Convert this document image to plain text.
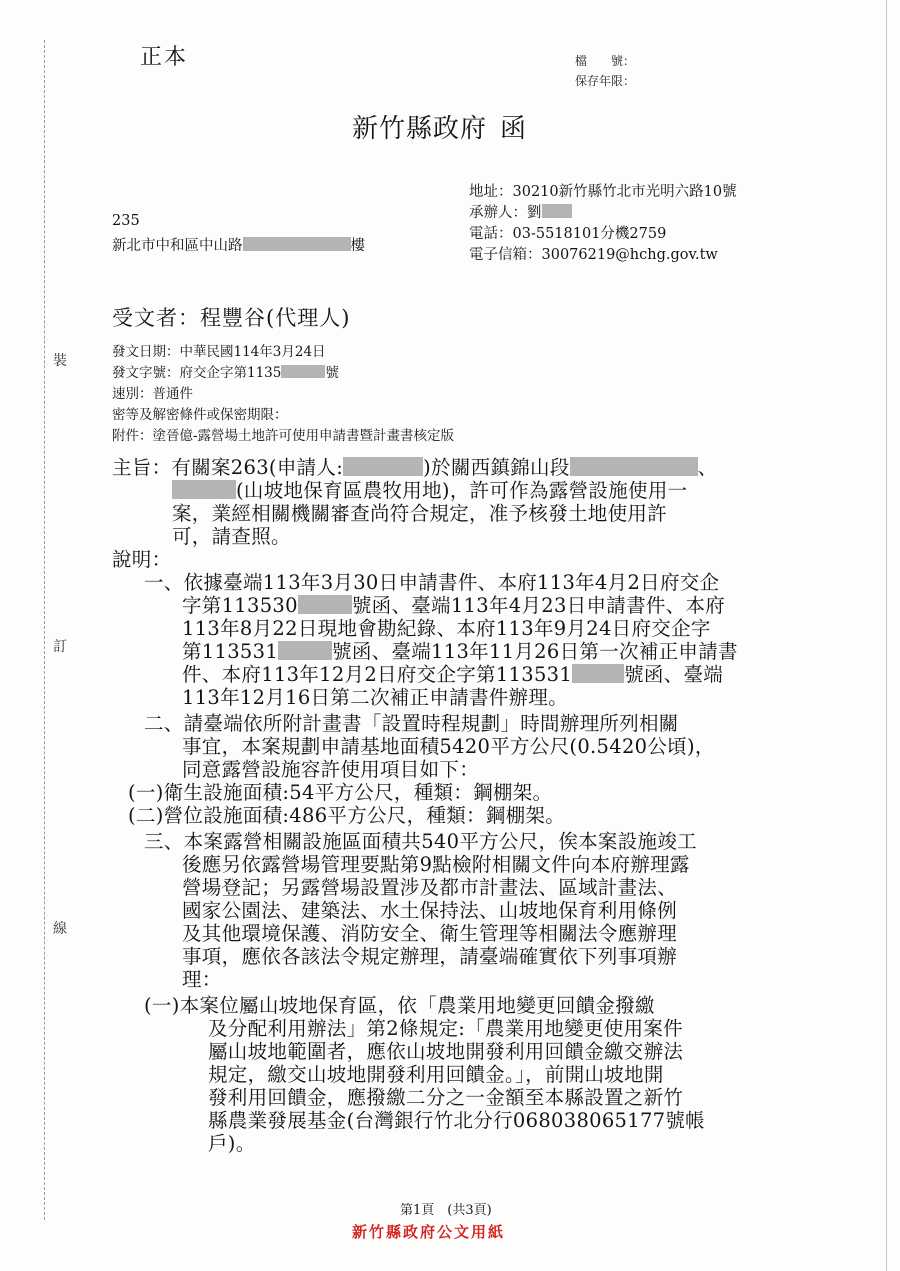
裝
訂
線
正本	檔　　號：
保存年限：
新竹縣政府 函
地址：30210新竹縣竹北市光明六路10號
承辦人：劉
電話：03-5518101分機2759
電子信箱：30076219@hchg.gov.tw
235
新北市中和區中山路	樓
受文者：程豐谷(代理人)
發文日期：中華民國114年3月24日
發文字號：府交企字第1135	號
速別：普通件
密等及解密條件或保密期限：
附件：塗晉億-露營場土地許可使用申請書暨計畫書核定版
主旨：有關案263(申請人:	)於關西鎮錦山段	、
(山坡地保育區農牧用地)，許可作為露營設施使用一
案，業經相關機關審查尚符合規定，准予核發土地使用許
可，請查照。
說明：
一、依據臺端113年3月30日申請書件、本府113年4月2日府交企
字第113530	號函、臺端113年4月23日申請書件、本府
113年8月22日現地會勘紀錄、本府113年9月24日府交企字
第113531	號函、臺端113年11月26日第一次補正申請書
件、本府113年12月2日府交企字第113531	號函、臺端
113年12月16日第二次補正申請書件辦理。
二、請臺端依所附計畫書「設置時程規劃」時間辦理所列相關
事宜，本案規劃申請基地面積5420平方公尺(0.5420公頃)，
同意露營設施容許使用項目如下：
(一)衛生設施面積:54平方公尺，種類：鋼棚架。
(二)營位設施面積:486平方公尺，種類：鋼棚架。
三、本案露營相關設施區面積共540平方公尺，俟本案設施竣工
後應另依露營場管理要點第9點檢附相關文件向本府辦理露
營場登記；另露營場設置涉及都市計畫法、區域計畫法、
國家公園法、建築法、水土保持法、山坡地保育利用條例
及其他環境保護、消防安全、衛生管理等相關法令應辦理
事項，應依各該法令規定辦理，請臺端確實依下列事項辦
理：
(一)本案位屬山坡地保育區，依「農業用地變更回饋金撥繳
及分配利用辦法」第2條規定:「農業用地變更使用案件
屬山坡地範圍者，應依山坡地開發利用回饋金繳交辦法
規定，繳交山坡地開發利用回饋金。」，前開山坡地開
發利用回饋金，應撥繳二分之一金額至本縣設置之新竹
縣農業發展基金(台灣銀行竹北分行068038065177號帳
戶)。
第1頁　(共3頁)
新竹縣政府公文用紙
